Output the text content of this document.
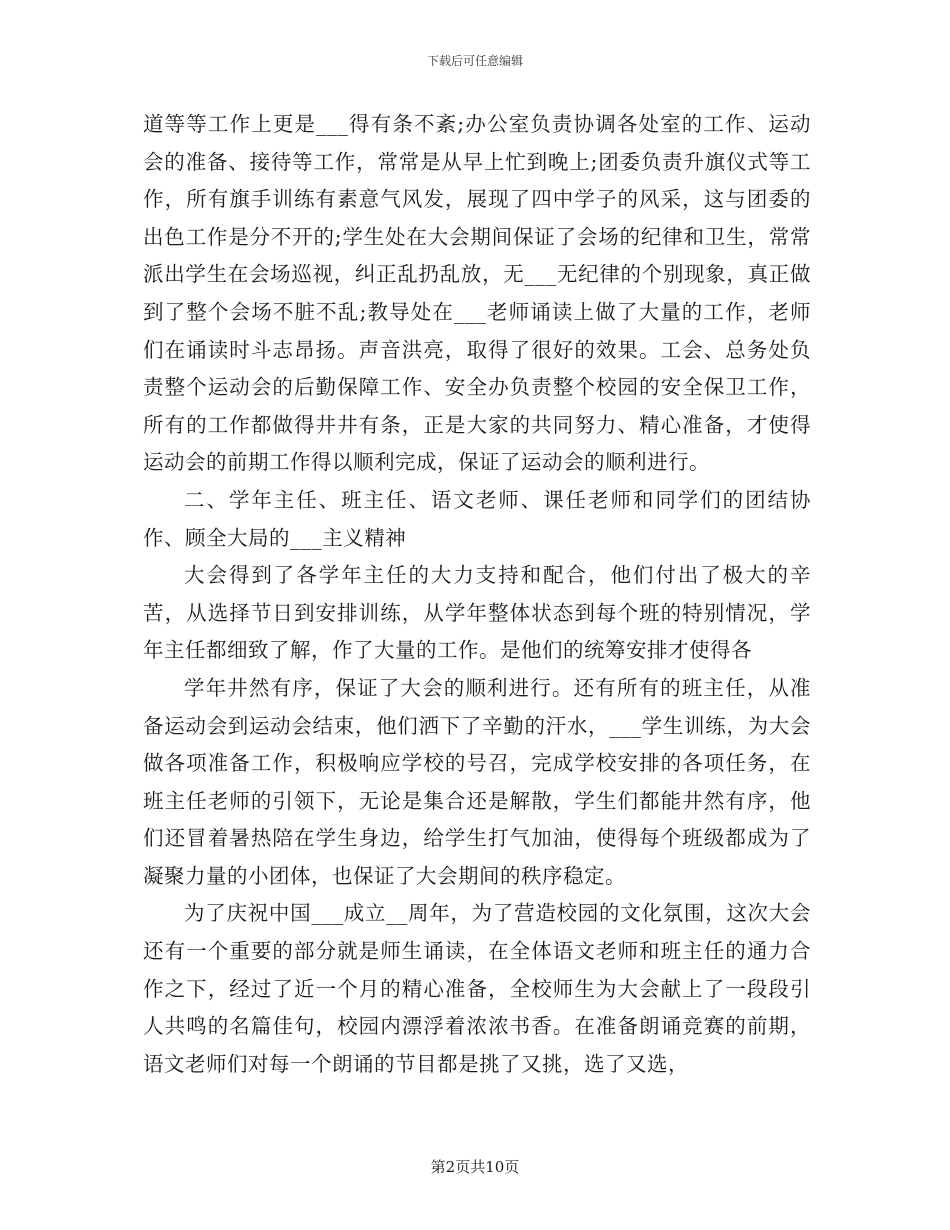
下载后可任意编辑

道等等工作上更是___得有条不紊;办公室负责协调各处室的工作、运动会的准备、接待等工作，常常是从早上忙到晚上;团委负责升旗仪式等工作，所有旗手训练有素意气风发，展现了四中学子的风采，这与团委的出色工作是分不开的;学生处在大会期间保证了会场的纪律和卫生，常常派出学生在会场巡视，纠正乱扔乱放，无___无纪律的个别现象，真正做到了整个会场不脏不乱;教导处在___老师诵读上做了大量的工作，老师们在诵读时斗志昂扬。声音洪亮，取得了很好的效果。工会、总务处负责整个运动会的后勤保障工作、安全办负责整个校园的安全保卫工作，所有的工作都做得井井有条，正是大家的共同努力、精心准备，才使得运动会的前期工作得以顺利完成，保证了运动会的顺利进行。

二、学年主任、班主任、语文老师、课任老师和同学们的团结协作、顾全大局的___主义精神

大会得到了各学年主任的大力支持和配合，他们付出了极大的辛苦，从选择节日到安排训练，从学年整体状态到每个班的特别情况，学年主任都细致了解，作了大量的工作。是他们的统筹安排才使得各

学年井然有序，保证了大会的顺利进行。还有所有的班主任，从准备运动会到运动会结束，他们洒下了辛勤的汗水，___学生训练，为大会做各项准备工作，积极响应学校的号召，完成学校安排的各项任务，在班主任老师的引领下，无论是集合还是解散，学生们都能井然有序，他们还冒着暑热陪在学生身边，给学生打气加油，使得每个班级都成为了凝聚力量的小团体，也保证了大会期间的秩序稳定。

为了庆祝中国___成立__周年，为了营造校园的文化氛围，这次大会还有一个重要的部分就是师生诵读，在全体语文老师和班主任的通力合作之下，经过了近一个月的精心准备，全校师生为大会献上了一段段引人共鸣的名篇佳句，校园内漂浮着浓浓书香。在准备朗诵竞赛的前期，语文老师们对每一个朗诵的节目都是挑了又挑，选了又选，

第2页共10页
